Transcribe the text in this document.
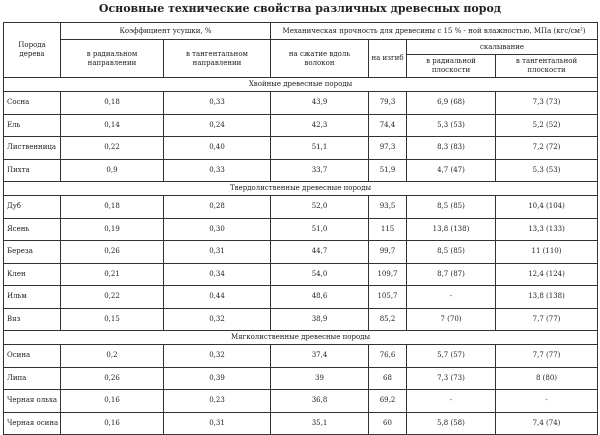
Основные технические свойства различных древесных пород
Порода дерева	Коэффициент усушки, %		Механическая прочность для древесины с 15 % - ной влажностью, МПа (кгс/см²)			
	в радиальном направлении	в тангентальном направлении	на сжатие вдоль волокон	на изгиб	скалывание	
					в радиальной плоскости	в тангентальной плоскости
Хвойные древесные породы						
Сосна	0,18	0,33	43,9	79,3	6,9 (68)	7,3 (73)
Ель	0,14	0,24	42,3	74,4	5,3 (53)	5,2 (52)
Лиственница	0,22	0,40	51,1	97,3	8,3 (83)	7,2 (72)
Пихта	0,9	0,33	33,7	51,9	4,7 (47)	5,3 (53)
Твердолиственные древесные породы						
Дуб	0,18	0,28	52,0	93,5	8,5 (85)	10,4 (104)
Ясень	0,19	0,30	51,0	115	13,8 (138)	13,3 (133)
Береза	0,26	0,31	44,7	99,7	8,5 (85)	11 (110)
Клен	0,21	0,34	54,0	109,7	8,7 (87)	12,4 (124)
Ильм	0,22	0,44	48,6	105,7	-	13,8 (138)
Вяз	0,15	0,32	38,9	85,2	7 (70)	7,7 (77)
Мягколиственные древесные породы						
Осина	0,2	0,32	37,4	76,6	5,7 (57)	7,7 (77)
Липа	0,26	0,39	39	68	7,3 (73)	8 (80)
Черная ольха	0,16	0,23	36,8	69,2	-	-
Черная осина	0,16	0,31	35,1	60	5,8 (58)	7,4 (74)
